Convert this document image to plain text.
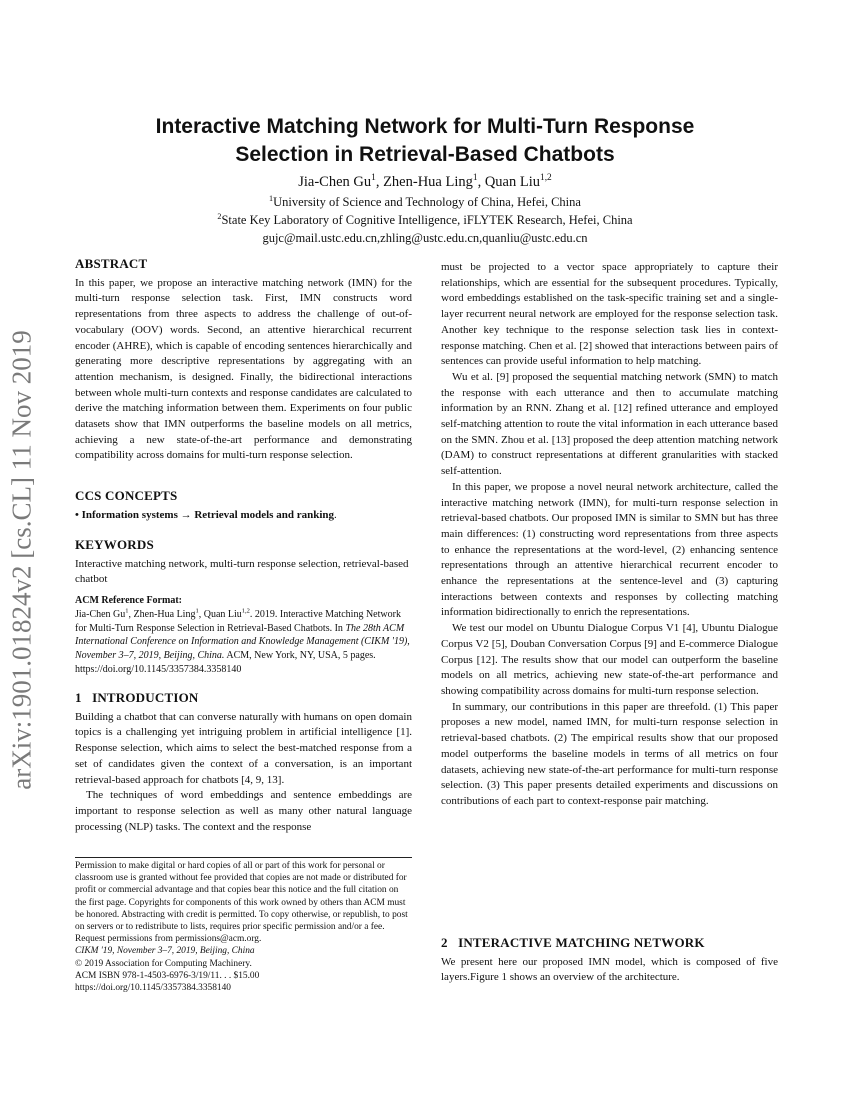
arXiv:1901.01824v2 [cs.CL] 11 Nov 2019
Interactive Matching Network for Multi-Turn Response
Selection in Retrieval-Based Chatbots
Jia-Chen Gu$^1$, Zhen-Hua Ling$^1$, Quan Liu$^{1,2}$
$^1$University of Science and Technology of China, Hefei, China
$^2$State Key Laboratory of Cognitive Intelligence, iFLYTEK Research, Hefei, China
gujc@mail.ustc.edu.cn,zhling@ustc.edu.cn,quanliu@ustc.edu.cn
ABSTRACT

In this paper, we propose an interactive matching network (IMN) for the multi-turn response selection task. First, IMN constructs word representations from three aspects to address the challenge of out-of-vocabulary (OOV) words. Second, an attentive hierarchical recurrent encoder (AHRE), which is capable of encoding sentences hierarchically and generating more descriptive representations by aggregating with an attention mechanism, is designed. Finally, the bidirectional interactions between whole multi-turn contexts and response candidates are calculated to derive the matching information between them. Experiments on four public datasets show that IMN outperforms the baseline models on all metrics, achieving a new state-of-the-art performance and demonstrating compatibility across domains for multi-turn response selection.

CCS CONCEPTS

• Information systems → Retrieval models and ranking.

KEYWORDS

Interactive matching network, multi-turn response selection, retrieval-based chatbot

ACM Reference Format:
Jia-Chen Gu$^1$, Zhen-Hua Ling$^1$, Quan Liu$^{1,2}$. 2019. Interactive Matching Network for Multi-Turn Response Selection in Retrieval-Based Chatbots. In The 28th ACM International Conference on Information and Knowledge Management (CIKM '19), November 3–7, 2019, Beijing, China. ACM, New York, NY, USA, 5 pages. https://doi.org/10.1145/3357384.3358140
1 INTRODUCTION

Building a chatbot that can converse naturally with humans on open domain topics is a challenging yet intriguing problem in artificial intelligence [1]. Response selection, which aims to select the best-matched response from a set of candidates given the context of a conversation, is an important retrieval-based approach for chatbots [4, 9, 13].

The techniques of word embeddings and sentence embeddings are important to response selection as well as many other natural language processing (NLP) tasks. The context and the response

Permission to make digital or hard copies of all or part of this work for personal or classroom use is granted without fee provided that copies are not made or distributed for profit or commercial advantage and that copies bear this notice and the full citation on the first page. Copyrights for components of this work owned by others than ACM must be honored. Abstracting with credit is permitted. To copy otherwise, or republish, to post on servers or to redistribute to lists, requires prior specific permission and/or a fee. Request permissions from permissions@acm.org.
CIKM '19, November 3–7, 2019, Beijing, China
© 2019 Association for Computing Machinery.
ACM ISBN 978-1-4503-6976-3/19/11. . . $15.00
https://doi.org/10.1145/3357384.3358140

must be projected to a vector space appropriately to capture their relationships, which are essential for the subsequent procedures. Typically, word embeddings established on the task-specific training set and a single-layer recurrent neural network are employed for the response selection task. Another key technique to the response selection task lies in context-response matching. Chen et al. [2] showed that interactions between pairs of sentences can provide useful information to help matching.

Wu et al. [9] proposed the sequential matching network (SMN) to match the response with each utterance and then to accumulate matching information by an RNN. Zhang et al. [12] refined utterance and employed self-matching attention to route the vital information in each utterance based on the SMN. Zhou et al. [13] proposed the deep attention matching network (DAM) to construct representations at different granularities with stacked self-attention.

In this paper, we propose a novel neural network architecture, called the interactive matching network (IMN), for multi-turn response selection in retrieval-based chatbots. Our proposed IMN is similar to SMN but has three main differences: (1) constructing word representations from three aspects to enhance the representations at the word-level, (2) enhancing sentence representations through an attentive hierarchical recurrent encoder to enhance the representations at the sentence-level and (3) capturing interactions between contexts and responses by collecting matching information bidirectionally to enrich the representations.

We test our model on Ubuntu Dialogue Corpus V1 [4], Ubuntu Dialogue Corpus V2 [5], Douban Conversation Corpus [9] and E-commerce Dialogue Corpus [12]. The results show that our model can outperform the baseline models on all metrics, achieving new state-of-the-art performance and showing compatibility across domains for multi-turn response selection.

In summary, our contributions in this paper are threefold. (1) This paper proposes a new model, named IMN, for multi-turn response selection in retrieval-based chatbots. (2) The empirical results show that our proposed model outperforms the baseline models in terms of all metrics on four datasets, achieving new state-of-the-art performance for multi-turn response selection. (3) This paper presents detailed experiments and discussions on contributions of each part to context-response pair matching.

2 INTERACTIVE MATCHING NETWORK

We present here our proposed IMN model, which is composed of five layers.Figure 1 shows an overview of the architecture.
